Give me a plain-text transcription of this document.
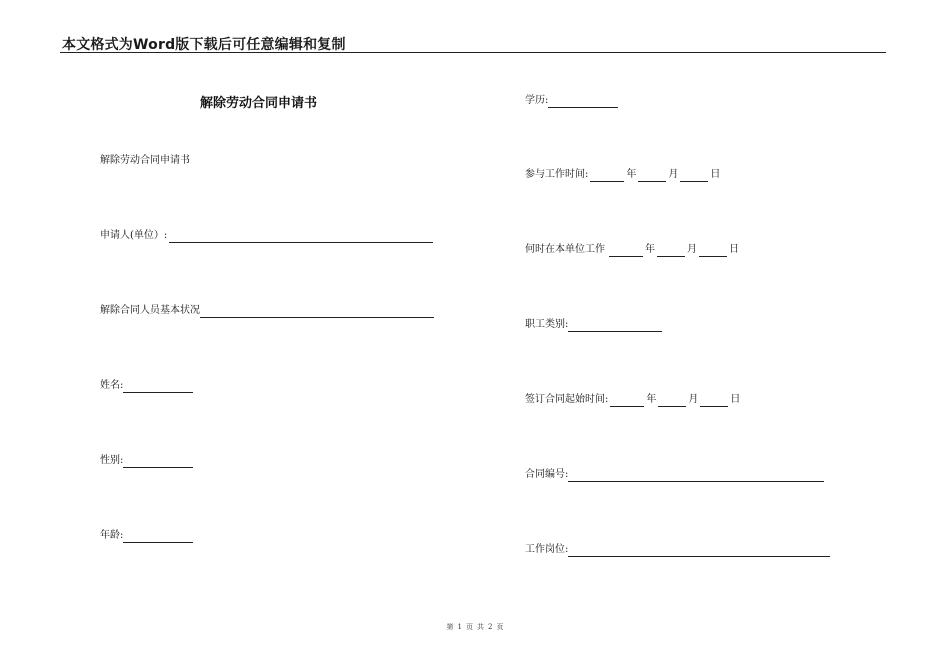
本文格式为Word版下载后可任意编辑和复制
解除劳动合同申请书
解除劳动合同申请书
申请人(单位）:
解除合同人员基本状况
姓名:
性别:
年龄:
学历:
参与工作时间:	年	月	日
何时在本单位工作	年	月	日
职工类别:
签订合同起始时间:	年	月	日
合同编号:
工作岗位:
第 1 页 共 2 页
